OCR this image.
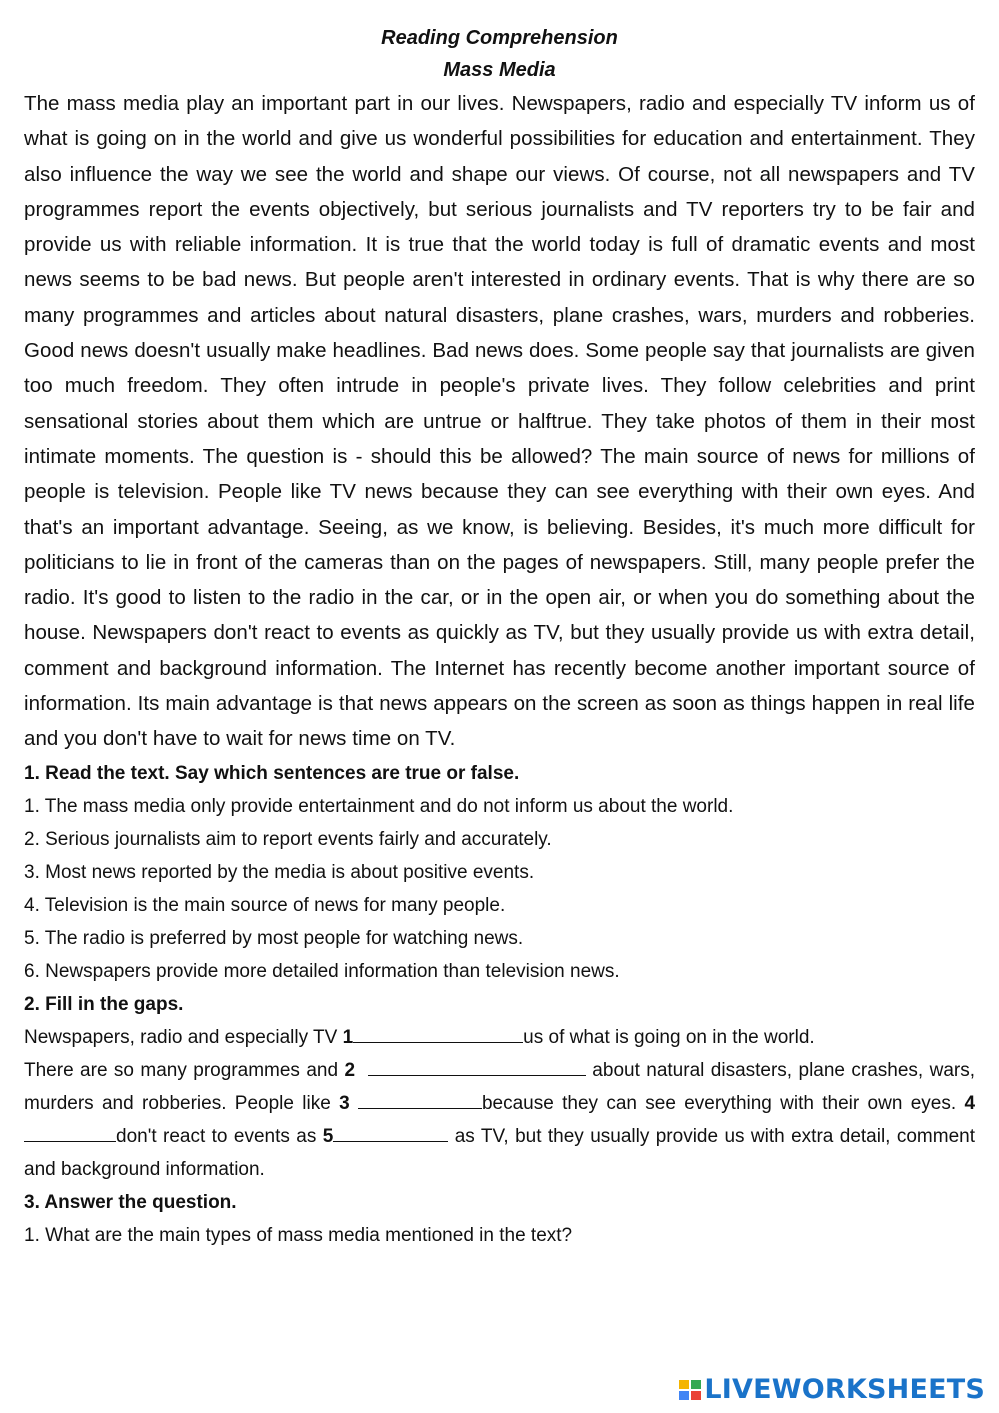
Reading Comprehension

Mass Media

The mass media play an important part in our lives. Newspapers, radio and especially TV inform us of what is going on in the world and give us wonderful possibilities for education and entertainment. They also influence the way we see the world and shape our views. Of course, not all newspapers and TV programmes report the events objectively, but serious journalists and TV reporters try to be fair and provide us with reliable information. It is true that the world today is full of dramatic events and most news seems to be bad news. But people aren't interested in ordinary events. That is why there are so many programmes and articles about natural disasters, plane crashes, wars, murders and robberies. Good news doesn't usually make headlines. Bad news does. Some people say that journalists are given too much freedom. They often intrude in people's private lives. They follow celebrities and print sensational stories about them which are untrue or halftrue. They take photos of them in their most intimate moments. The question is - should this be allowed? The main source of news for millions of people is television. People like TV news because they can see everything with their own eyes. And that's an important advantage. Seeing, as we know, is believing. Besides, it's much more difficult for politicians to lie in front of the cameras than on the pages of newspapers. Still, many people prefer the radio. It's good to listen to the radio in the car, or in the open air, or when you do something about the house. Newspapers don't react to events as quickly as TV, but they usually provide us with extra detail, comment and background information. The Internet has recently become another important source of information. Its main advantage is that news appears on the screen as soon as things happen in real life and you don't have to wait for news time on TV.

1. Read the text. Say which sentences are true or false.

1. The mass media only provide entertainment and do not inform us about the world.

2. Serious journalists aim to report events fairly and accurately.

3. Most news reported by the media is about positive events.

4. Television is the main source of news for many people.

5. The radio is preferred by most people for watching news.

6. Newspapers provide more detailed information than television news.

2. Fill in the gaps.

Newspapers, radio and especially TV 1	us of what is going on in the world.

There are so many programmes and 2	about natural disasters, plane crashes, wars, murders and robberies. People like 3	because they can see everything with their own eyes. 4don't react to events as 5	as TV, but they usually provide us with extra detail, comment and background information.

3. Answer the question.

1. What are the main types of mass media mentioned in the text?

LIVEWORKSHEETS
